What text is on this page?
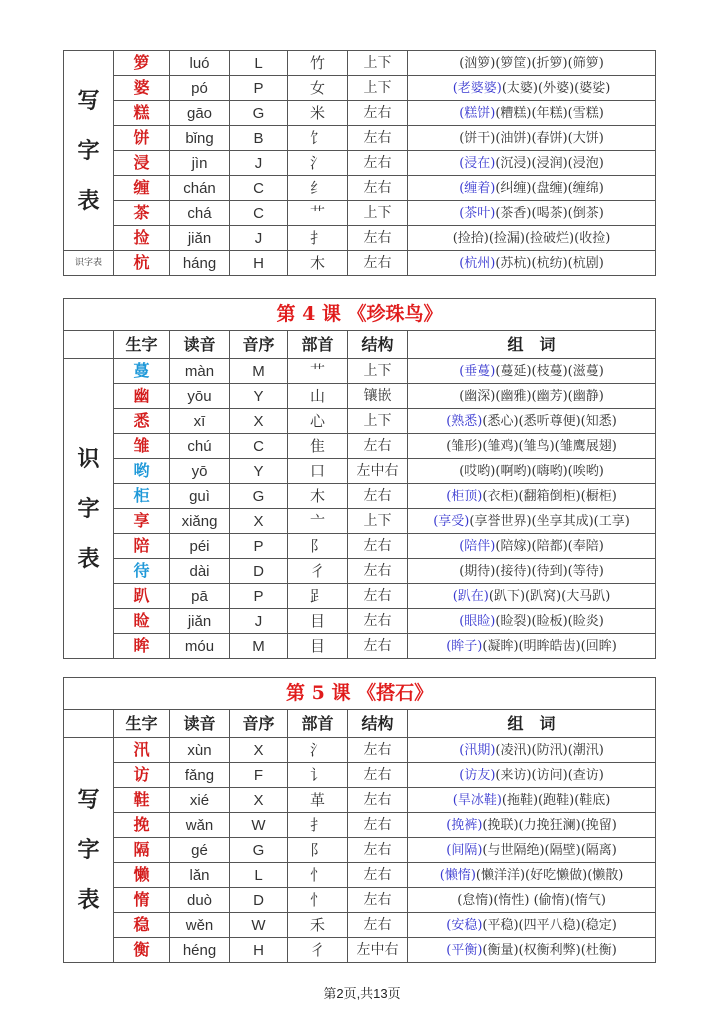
写
字
表	箩	luó	L	竹	上下	(汹箩)(箩筐)(折箩)(筛箩)
	婆	pó	P	女	上下	(老婆婆)(太婆)(外婆)(婆娑)
	糕	gāo	G	米	左右	(糕饼)(糟糕)(年糕)(雪糕)
	饼	bǐng	B	饣	左右	(饼干)(油饼)(春饼)(大饼)
	浸	jìn	J	氵	左右	(浸在)(沉浸)(浸润)(浸泡)
	缠	chán	C	纟	左右	(缠着)(纠缠)(盘缠)(缠绵)
	茶	chá	C	艹	上下	(茶叶)(茶香)(喝茶)(倒茶)
	捡	jiǎn	J	扌	左右	(捡拾)(捡漏)(捡破烂)(收捡)
识字表	杭	háng	H	木	左右	(杭州)(苏杭)(杭纺)(杭剧)
第 4 课 《珍珠鸟》						
	生字	读音	音序	部首	结构	组　词

识
字
表	蔓	màn	M	艹	上下	(垂蔓)(蔓延)(枝蔓)(滋蔓)
	幽	yōu	Y	山	镶嵌	(幽深)(幽雅)(幽芳)(幽静)
	悉	xī	X	心	上下	(熟悉)(悉心)(悉听尊便)(知悉)
	雏	chú	C	隹	左右	(雏形)(雏鸡)(雏鸟)(雏鹰展翅)
	哟	yō	Y	口	左中右	(哎哟)(啊哟)(嗨哟)(唉哟)
	柜	guì	G	木	左右	(柜顶)(衣柜)(翻箱倒柜)(橱柜)
	享	xiǎng	X	亠	上下	(享受)(享誉世界)(坐享其成)(工享)
	陪	péi	P	阝	左右	(陪伴)(陪嫁)(陪都)(奉陪)
	待	dài	D	彳	左右	(期待)(接待)(待到)(等待)
	趴	pā	P	𧾷	左右	(趴在)(趴下)(趴窝)(大马趴)
	睑	jiǎn	J	目	左右	(眼睑)(睑裂)(睑板)(睑炎)
	眸	móu	M	目	左右	(眸子)(凝眸)(明眸皓齿)(回眸)
第 5 课 《搭石》						
	生字	读音	音序	部首	结构	组　词

写
字
表	汛	xùn	X	氵	左右	(汛期)(凌汛)(防汛)(潮汛)
	访	fǎng	F	讠	左右	(访友)(来访)(访问)(查访)
	鞋	xié	X	革	左右	(旱冰鞋)(拖鞋)(跑鞋)(鞋底)
	挽	wǎn	W	扌	左右	(挽裤)(挽联)(力挽狂澜)(挽留)
	隔	gé	G	阝	左右	(间隔)(与世隔绝)(隔壁)(隔离)
	懒	lǎn	L	忄	左右	(懒惰)(懒洋洋)(好吃懒做)(懒散)
	惰	duò	D	忄	左右	(怠惰)(惰性) (偷惰)(惰气)
	稳	wěn	W	禾	左右	(安稳)(平稳)(四平八稳)(稳定)
	衡	héng	H	彳	左中右	(平衡)(衡量)(权衡利弊)(杜衡)
第2页,共13页
